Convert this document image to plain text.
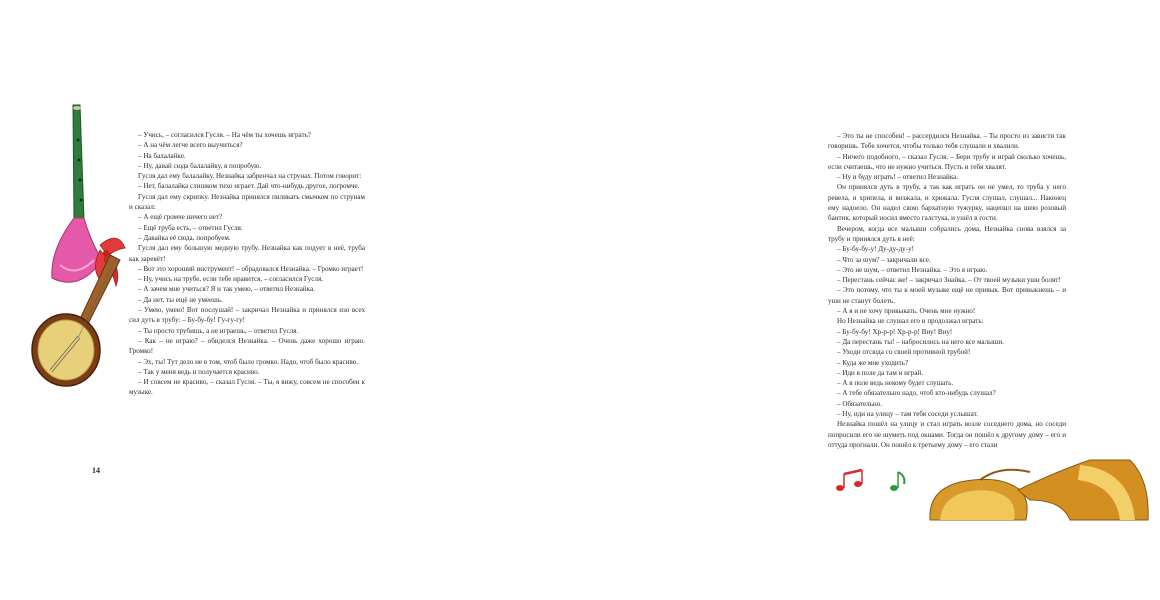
– Учись, – согласился Гусля. – На чём ты хочешь играть?

– А на чём легче всего выучиться?

– На балалайке.

– Ну, давай сюда балалайку, я попробую.

Гусля дал ему балалайку. Незнайка забренчал на струнах. Потом говорит:

– Нет, балалайка слишком тихо играет. Дай что-нибудь другое, погромче.

Гусля дал ему скрипку. Незнайка принялся пиликать смычком по струнам и сказал:

– А ещё громче ничего нет?

– Ещё труба есть, – ответил Гусля.

– Давайка её сюда, попробуем.

Гусля дал ему большую медную трубу. Незнайка как подует в неё, труба как заревёт!

– Вот это хороший инструмент! – обрадовался Незнайка. – Громко играет!

– Ну, учись на трубе, если тебе нравится, – согласился Гусля.

– А зачем мне учиться? Я и так умею, – ответил Незнайка.

– Да нет, ты ещё не умеешь.

– Умею, умею! Вот послушай! – закричал Незнайка и принялся изо всех сил дуть в трубу: – Бу-бу-бу! Гу-гу-гу!

– Ты просто трубишь, а не играешь, – ответил Гусля.

– Как – не играю? – обиделся Незнайка. – Очень даже хорошо играю. Громко!

– Эх, ты! Тут дело не в том, чтоб было громко. Надо, чтоб было красиво.

– Так у меня ведь и получается красиво.

– И совсем не красиво, – сказал Гусля. – Ты, я вижу, совсем не способен к музыке.

14

– Это ты не способен! – рассердился Незнайка. – Ты просто из зависти так говоришь. Тебе хочется, чтобы только тебя слушали и хвалили.

– Ничего подобного, – сказал Гусля. – Бери трубу и играй сколько хочешь, если считаешь, что не нужно учиться. Пусть и тебя хвалят.

– Ну и буду играть! – ответил Незнайка.

Он принялся дуть в трубу, а так как играть он не умел, то труба у него ревела, и хрипела, и визжала, и хрюкала. Гусля слушал, слушал... Наконец ему надоело. Он надел свою бархатную тужурку, нацепил на шею розовый бантик, который носил вместо галстука, и ушёл в гости.

Вечером, когда все малыши собрались дома, Незнайка снова взялся за трубу и принялся дуть в неё:

– Бу-бу-бу-у! Ду-ду-ду-у!

– Что за шум? – закричали все.

– Это не шум, – ответил Незнайка. – Это я играю.

– Перестань сейчас же! – закричал Знайка. – От твоей музыки уши болят!

– Это потому, что ты к моей музыке ещё не привык. Вот привыкнешь – и уши не станут болеть.

– А я и не хочу привыкать. Очень мне нужно!

Но Незнайка не слушал его и продолжал играть:

– Бу-бу-бу! Хр-р-р! Хр-р-р! Виу! Виу!

– Да перестань ты! – набросились на него все малыши.

– Уходи отсюда со своей противной трубой!

– Куда же мне уходить?

– Иди в поле да там и играй.

– А в поле ведь некому будет слушать.

– А тебе обязательно надо, чтоб кто-нибудь слушал?

– Обязательно.

– Ну, иди на улицу – там тебя соседи услышат.

Незнайка пошёл на улицу и стал играть возле соседнего дома, но соседи попросили его не шуметь под окнами. Тогда он пошёл к другому дому – его и оттуда прогнали. Он пошёл к третьему дому – его стали
